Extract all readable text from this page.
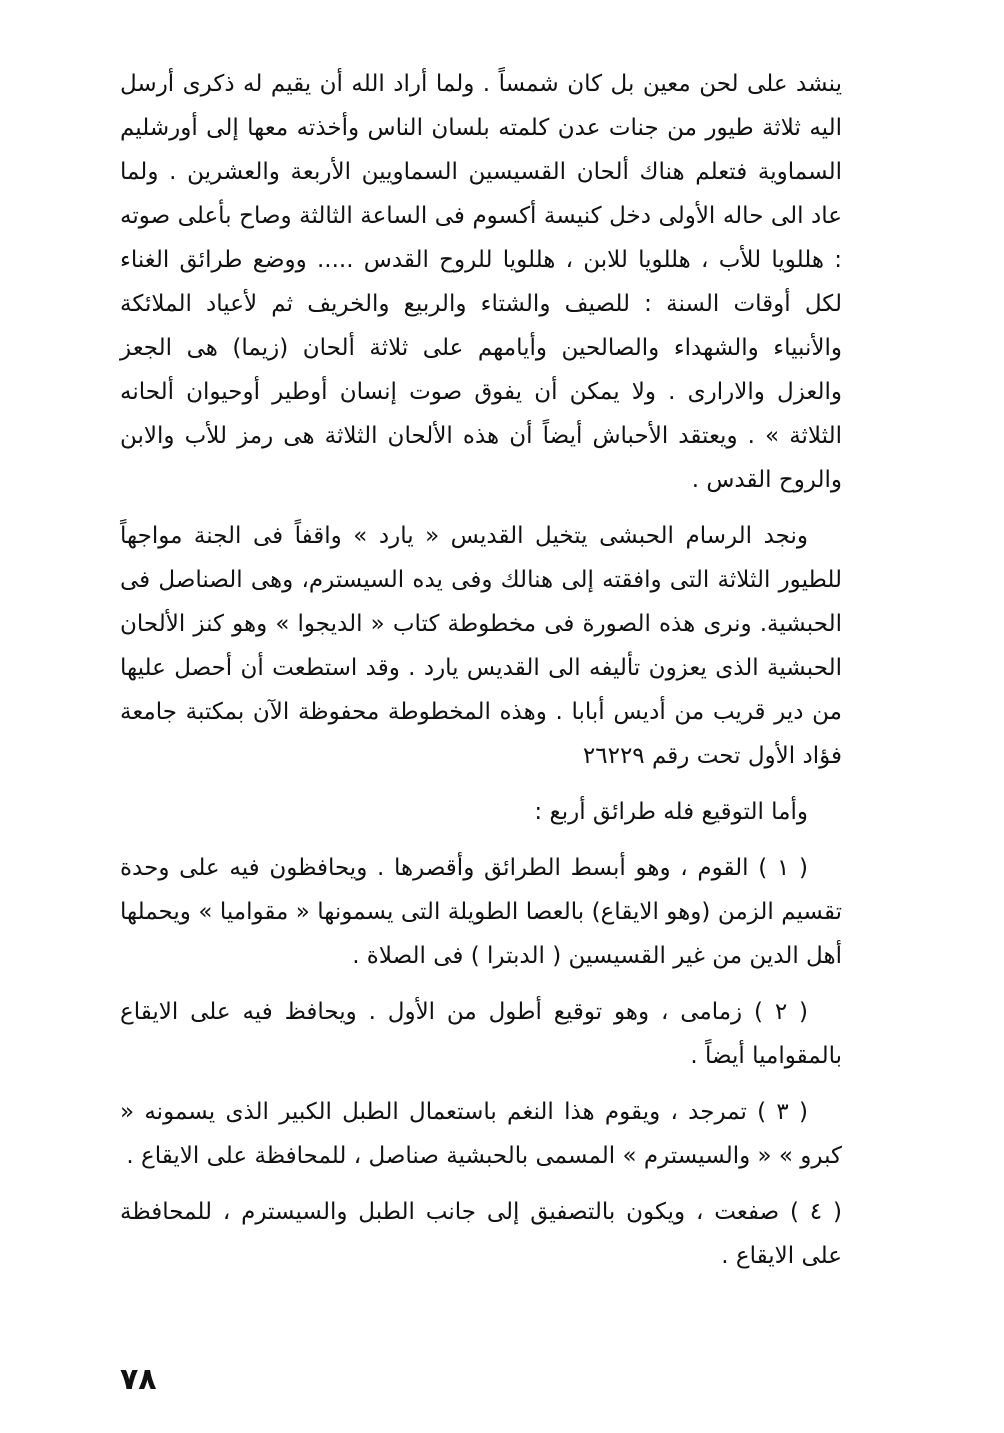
ينشد على لحن معين بل كان شمساً . ولما أراد الله أن يقيم له ذكرى أرسل اليه ثلاثة طيور من جنات عدن كلمته بلسان الناس وأخذته معها إلى أورشليم السماوية فتعلم هناك ألحان القسيسين السماويين الأربعة والعشرين . ولما عاد الى حاله الأولى دخل كنيسة أكسوم فى الساعة الثالثة وصاح بأعلى صوته : هللويا للأب ، هللويا للابن ، هللويا للروح القدس ..... ووضع طرائق الغناء لكل أوقات السنة : للصيف والشتاء والربيع والخريف ثم لأعياد الملائكة والأنبياء والشهداء والصالحين وأيامهم على ثلاثة ألحان (زيما) هى الجعز والعزل والارارى . ولا يمكن أن يفوق صوت إنسان أوطير أوحيوان ألحانه الثلاثة » . ويعتقد الأحباش أيضاً أن هذه الألحان الثلاثة هى رمز للأب والابن والروح القدس .

ونجد الرسام الحبشى يتخيل القديس « يارد » واقفاً فى الجنة مواجهاً للطيور الثلاثة التى وافقته إلى هنالك وفى يده السيسترم، وهى الصناصل فى الحبشية. ونرى هذه الصورة فى مخطوطة كتاب « الديجوا » وهو كنز الألحان الحبشية الذى يعزون تأليفه الى القديس يارد . وقد استطعت أن أحصل عليها من دير قريب من أديس أبابا . وهذه المخطوطة محفوظة الآن بمكتبة جامعة فؤاد الأول تحت رقم ٢٦٢٢٩

وأما التوقيع فله طرائق أربع :

( ١ ) القوم ، وهو أبسط الطرائق وأقصرها . ويحافظون فيه على وحدة تقسيم الزمن (وهو الايقاع) بالعصا الطويلة التى يسمونها « مقواميا » ويحملها أهل الدين من غير القسيسين ( الدبترا ) فى الصلاة .

( ٢ ) زمامى ، وهو توقيع أطول من الأول . ويحافظ فيه على الايقاع بالمقواميا أيضاً .

( ٣ ) تمرجد ، ويقوم هذا النغم باستعمال الطبل الكبير الذى يسمونه « كبرو » « والسيسترم » المسمى بالحبشية صناصل ، للمحافظة على الايقاع .

( ٤ ) صفعت ، ويكون بالتصفيق إلى جانب الطبل والسيسترم ، للمحافظة على الايقاع .

٧٨
